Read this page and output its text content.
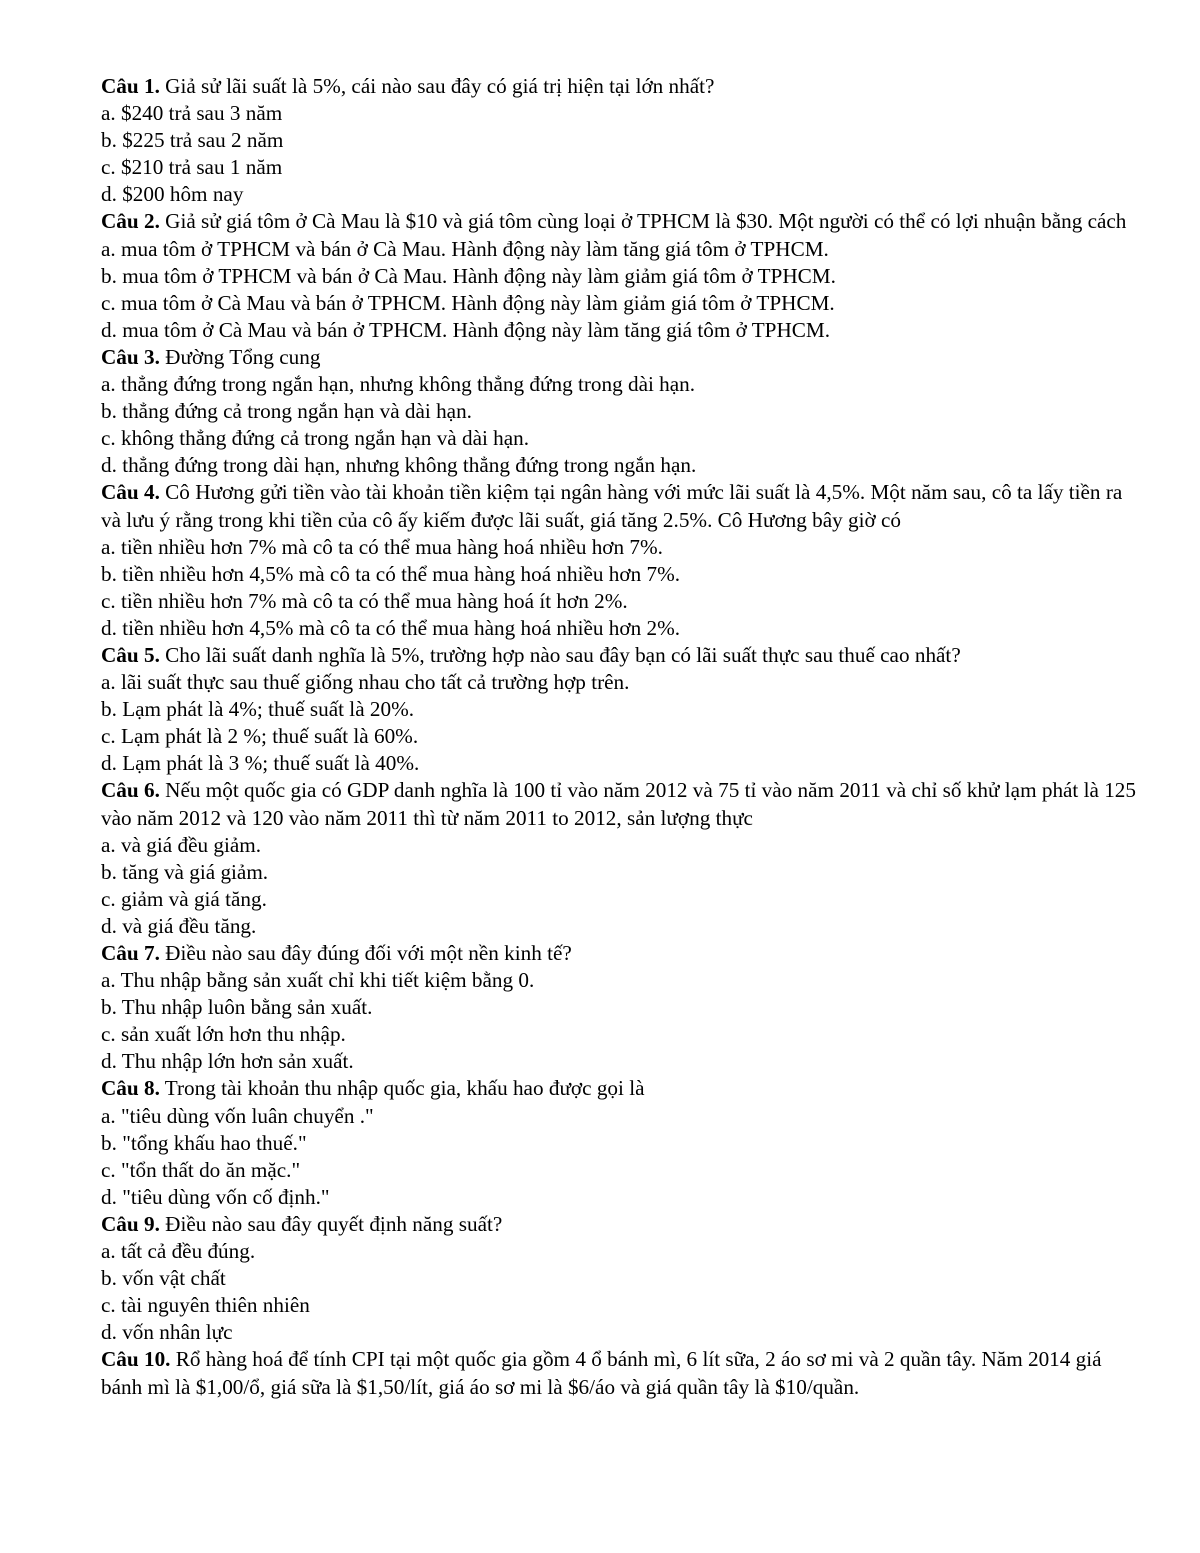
Câu 1. Giả sử lãi suất là 5%, cái nào sau đây có giá trị hiện tại lớn nhất?

a. $240 trả sau 3 năm

b. $225 trả sau 2 năm

c. $210 trả sau 1 năm

d. $200 hôm nay

Câu 2. Giả sử giá tôm ở Cà Mau là $10 và giá tôm cùng loại ở TPHCM là $30. Một người có thể có lợi nhuận bằng cách

a. mua tôm ở TPHCM và bán ở Cà Mau. Hành động này làm tăng giá tôm ở TPHCM.

b. mua tôm ở TPHCM và bán ở Cà Mau. Hành động này làm giảm giá tôm ở TPHCM.

c. mua tôm ở Cà Mau và bán ở TPHCM. Hành động này làm giảm giá tôm ở TPHCM.

d. mua tôm ở Cà Mau và bán ở TPHCM. Hành động này làm tăng giá tôm ở TPHCM.

Câu 3. Đường Tổng cung

a. thẳng đứng trong ngắn hạn, nhưng không thẳng đứng trong dài hạn.

b. thẳng đứng cả trong ngắn hạn và dài hạn.

c. không thẳng đứng cả trong ngắn hạn và dài hạn.

d. thẳng đứng trong dài hạn, nhưng không thẳng đứng trong ngắn hạn.

Câu 4. Cô Hương gửi tiền vào tài khoản tiền kiệm tại ngân hàng với mức lãi suất là 4,5%. Một năm sau, cô ta lấy tiền ra và lưu ý rằng trong khi tiền của cô ấy kiếm được lãi suất, giá tăng 2.5%. Cô Hương bây giờ có

a. tiền nhiều hơn 7% mà cô ta có thể mua hàng hoá nhiều hơn 7%.

b. tiền nhiều hơn 4,5% mà cô ta có thể mua hàng hoá nhiều hơn 7%.

c. tiền nhiều hơn 7% mà cô ta có thể mua hàng hoá ít hơn 2%.

d. tiền nhiều hơn 4,5% mà cô ta có thể mua hàng hoá nhiều hơn 2%.

Câu 5. Cho lãi suất danh nghĩa là 5%, trường hợp nào sau đây bạn có lãi suất thực sau thuế cao nhất?

a. lãi suất thực sau thuế giống nhau cho tất cả trường hợp trên.

b. Lạm phát là 4%; thuế suất là 20%.

c. Lạm phát là 2 %; thuế suất là 60%.

d. Lạm phát là 3 %; thuế suất là 40%.

Câu 6. Nếu một quốc gia có GDP danh nghĩa là 100 tỉ vào năm 2012 và 75 tỉ vào năm 2011 và chỉ số khử lạm phát là 125 vào năm 2012 và 120 vào năm 2011 thì từ năm 2011 to 2012, sản lượng thực

a. và giá đều giảm.

b. tăng và giá giảm.

c. giảm và giá tăng.

d. và giá đều tăng.

Câu 7. Điều nào sau đây đúng đối với một nền kinh tế?

a. Thu nhập bằng sản xuất chỉ khi tiết kiệm bằng 0.

b. Thu nhập luôn bằng sản xuất.

c. sản xuất lớn hơn thu nhập.

d. Thu nhập lớn hơn sản xuất.

Câu 8. Trong tài khoản thu nhập quốc gia, khấu hao được gọi là

a. "tiêu dùng vốn luân chuyển ."

b. "tổng khấu hao thuế."

c. "tổn thất do ăn mặc."

d. "tiêu dùng vốn cố định."

Câu 9. Điều nào sau đây quyết định năng suất?

a. tất cả đều đúng.

b. vốn vật chất

c. tài nguyên thiên nhiên

d. vốn nhân lực

Câu 10. Rổ hàng hoá để tính CPI tại một quốc gia gồm 4 ổ bánh mì, 6 lít sữa, 2 áo sơ mi và 2 quần tây. Năm 2014 giá bánh mì là $1,00/ổ, giá sữa là $1,50/lít, giá áo sơ mi là $6/áo và giá quần tây là $10/quần.
